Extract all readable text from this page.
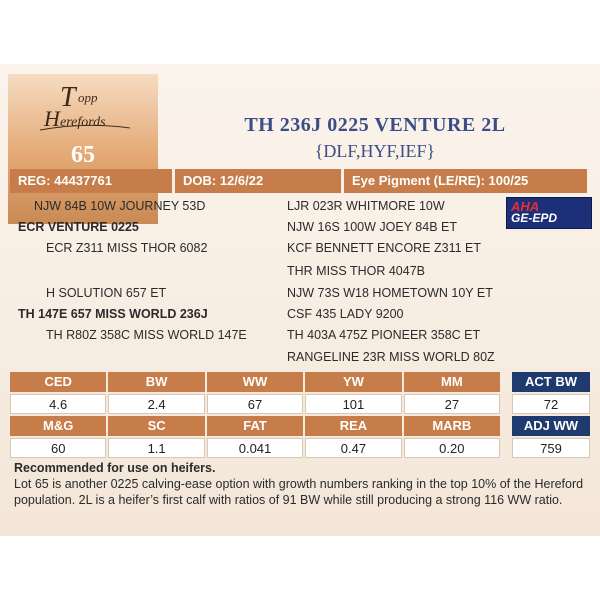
T opp
H erefords
65
TH 236J 0225 VENTURE 2L
{DLF,HYF,IEF}
REG: 44437761	DOB: 12/6/22	Eye Pigment (LE/RE): 100/25
NJW 84B 10W JOURNEY 53D
ECR VENTURE 0225
ECR Z311 MISS THOR 6082
H SOLUTION 657 ET
TH 147E 657 MISS WORLD 236J
TH R80Z 358C MISS WORLD 147E
LJR 023R WHITMORE 10W
NJW 16S 100W JOEY 84B ET
KCF BENNETT ENCORE Z311 ET
THR MISS THOR 4047B
NJW 73S W18 HOMETOWN 10Y ET
CSF 435 LADY 9200
TH 403A 475Z PIONEER 358C ET
RANGELINE 23R MISS WORLD 80Z
AHA
GE-EPD
CED	BW	WW	YW	MM
4.6	2.4	67	101	27
M&G	SC	FAT	REA	MARB
60	1.1	0.041	0.47	0.20
ACT BW
72
ADJ WW
759
Recommended for use on heifers.
Lot 65 is another 0225 calving-ease option with growth numbers ranking in the top 10% of the Hereford population. 2L is a heifer’s first calf with ratios of 91 BW while still producing a strong 116 WW ratio.
